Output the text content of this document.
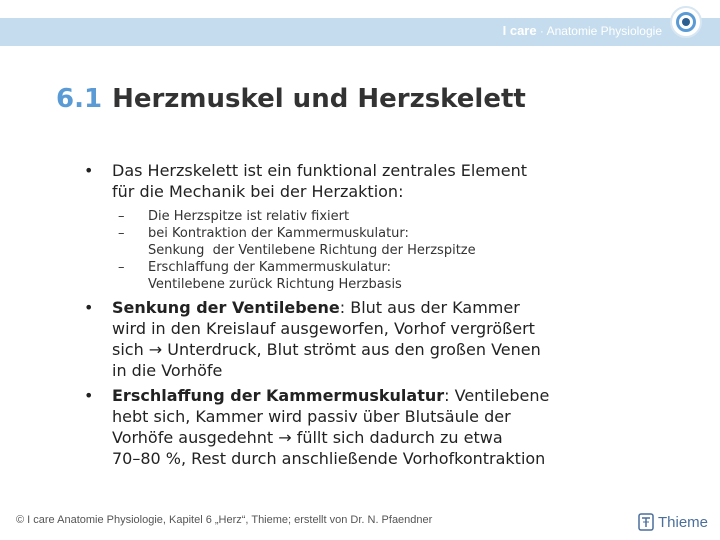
I care · Anatomie Physiologie
6.1 Herzmuskel und Herzskelett
• Das Herzskelett ist ein funktional zentrales Element
für die Mechanik bei der Herzaktion:
– Die Herzspitze ist relativ fixiert
– bei Kontraktion der Kammermuskulatur:
Senkung  der Ventilebene Richtung der Herzspitze
– Erschlaffung der Kammermuskulatur:
Ventilebene zurück Richtung Herzbasis
• Senkung der Ventilebene: Blut aus der Kammer
wird in den Kreislauf ausgeworfen, Vorhof vergrößert
sich → Unterdruck, Blut strömt aus den großen Venen
in die Vorhöfe
• Erschlaffung der Kammermuskulatur: Ventilebene
hebt sich, Kammer wird passiv über Blutsäule der
Vorhöfe ausgedehnt → füllt sich dadurch zu etwa
70–80 %, Rest durch anschließende Vorhofkontraktion
© I care Anatomie Physiologie, Kapitel 6 „Herz“, Thieme; erstellt von Dr. N. Pfaendner	Thieme
